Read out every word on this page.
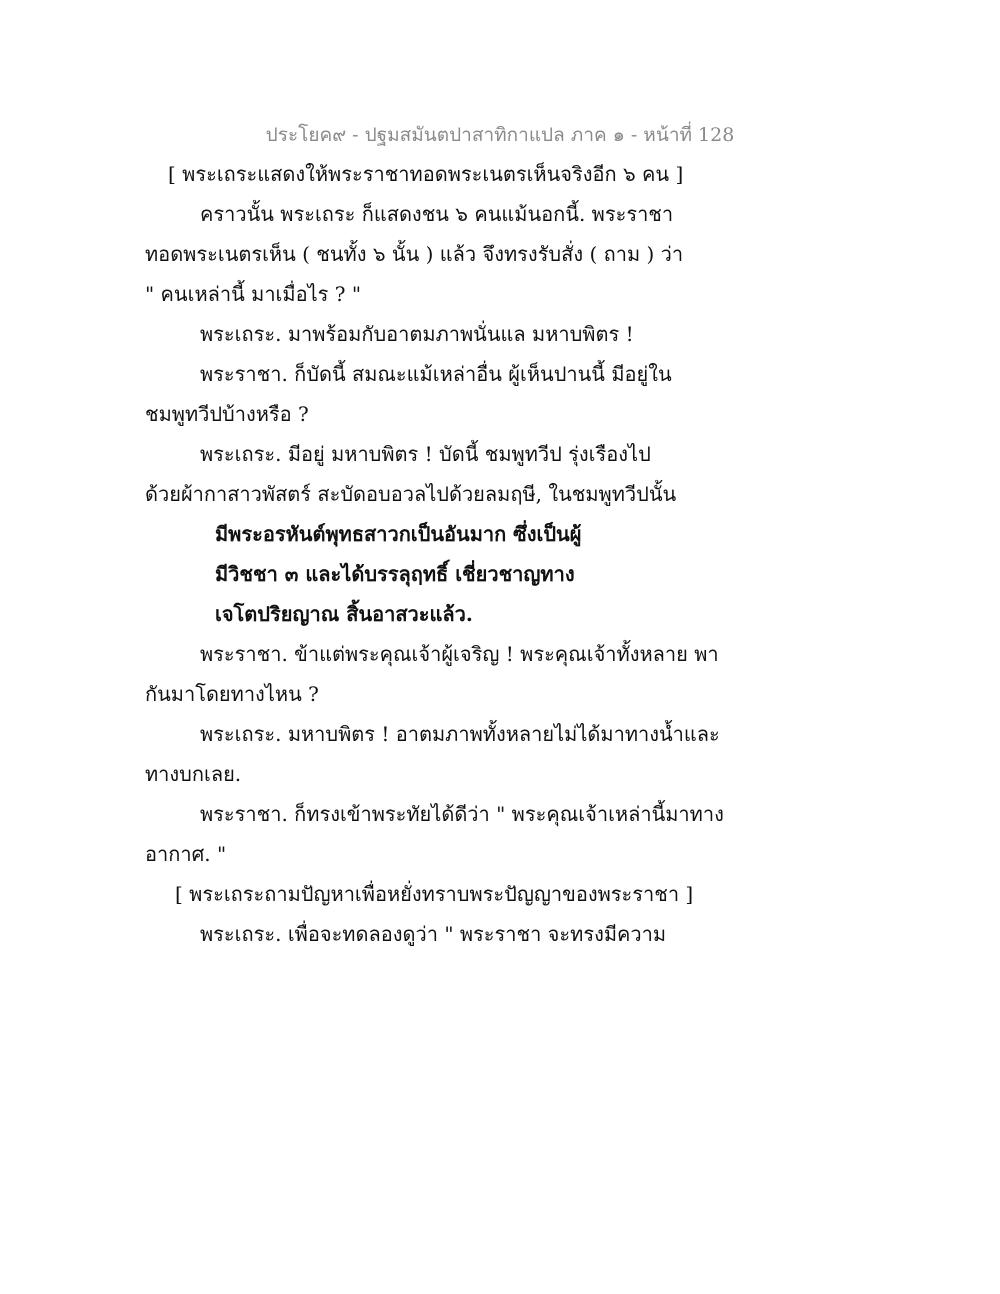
ประโยค๙ - ปฐมสมันตปาสาทิกาแปล ภาค ๑ - หน้าที่ 128
[ พระเถระแสดงให้พระราชาทอดพระเนตรเห็นจริงอีก ๖ คน ]
คราวนั้น พระเถระ ก็แสดงชน ๖ คนแม้นอกนี้. พระราชา
ทอดพระเนตรเห็น ( ชนทั้ง ๖ นั้น ) แล้ว จึงทรงรับสั่ง ( ถาม ) ว่า
" คนเหล่านี้ มาเมื่อไร ? "
พระเถระ. มาพร้อมกับอาตมภาพนั่นแล มหาบพิตร !
พระราชา. ก็บัดนี้ สมณะแม้เหล่าอื่น ผู้เห็นปานนี้ มีอยู่ใน
ชมพูทวีปบ้างหรือ ?
พระเถระ. มีอยู่ มหาบพิตร ! บัดนี้ ชมพูทวีป รุ่งเรืองไป
ด้วยผ้ากาสาวพัสตร์ สะบัดอบอวลไปด้วยลมฤษี, ในชมพูทวีปนั้น
มีพระอรหันต์พุทธสาวกเป็นอันมาก ซึ่งเป็นผู้
มีวิชชา ๓ และได้บรรลุฤทธิ์ เชี่ยวชาญทาง
เจโตปริยญาณ สิ้นอาสวะแล้ว.
พระราชา. ข้าแต่พระคุณเจ้าผู้เจริญ ! พระคุณเจ้าทั้งหลาย พา
กันมาโดยทางไหน ?
พระเถระ. มหาบพิตร ! อาตมภาพทั้งหลายไม่ได้มาทางน้ำและ
ทางบกเลย.
พระราชา. ก็ทรงเข้าพระทัยได้ดีว่า " พระคุณเจ้าเหล่านี้มาทาง
อากาศ. "
[ พระเถระถามปัญหาเพื่อหยั่งทราบพระปัญญาของพระราชา ]
พระเถระ. เพื่อจะทดลองดูว่า " พระราชา จะทรงมีความ
